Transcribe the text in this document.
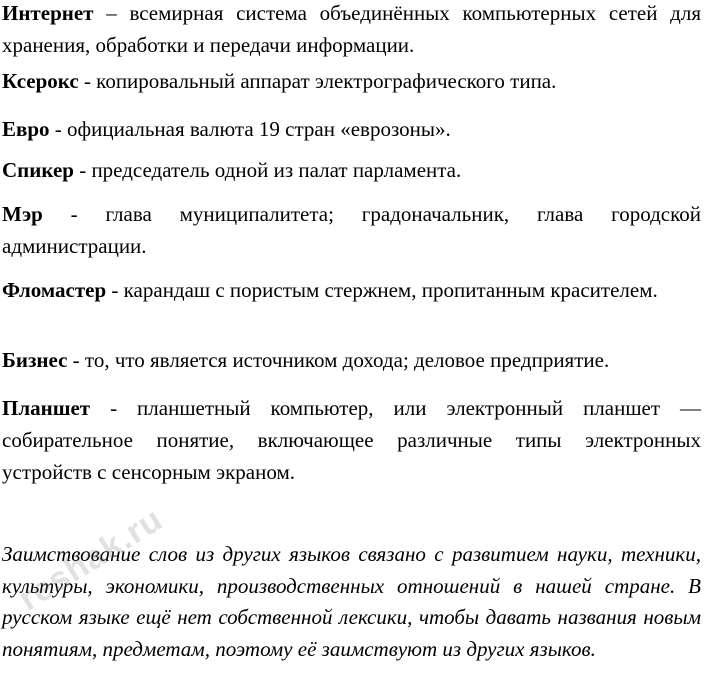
Интернет – всемирная система объединённых компьютерных сетей для хранения, обработки и передачи информации.
Ксерокс - копировальный аппарат электрографического типа.
Евро - официальная валюта 19 стран «еврозоны».
Спикер - председатель одной из палат парламента.
Мэр - глава муниципалитета; градоначальник, глава городской администрации.
Фломастер - карандаш с пористым стержнем, пропитанным красителем.
Бизнес - то, что является источником дохода; деловое предприятие.
Планшет - планшетный компьютер, или электронный планшет — собирательное понятие, включающее различные типы электронных устройств с сенсорным экраном.
Заимствование слов из других языков связано с развитием науки, техники, культуры, экономики, производственных отношений в нашей стране. В русском языке ещё нет собственной лексики, чтобы давать названия новым понятиям, предметам, поэтому её заимствуют из других языков.
reshak.ru
